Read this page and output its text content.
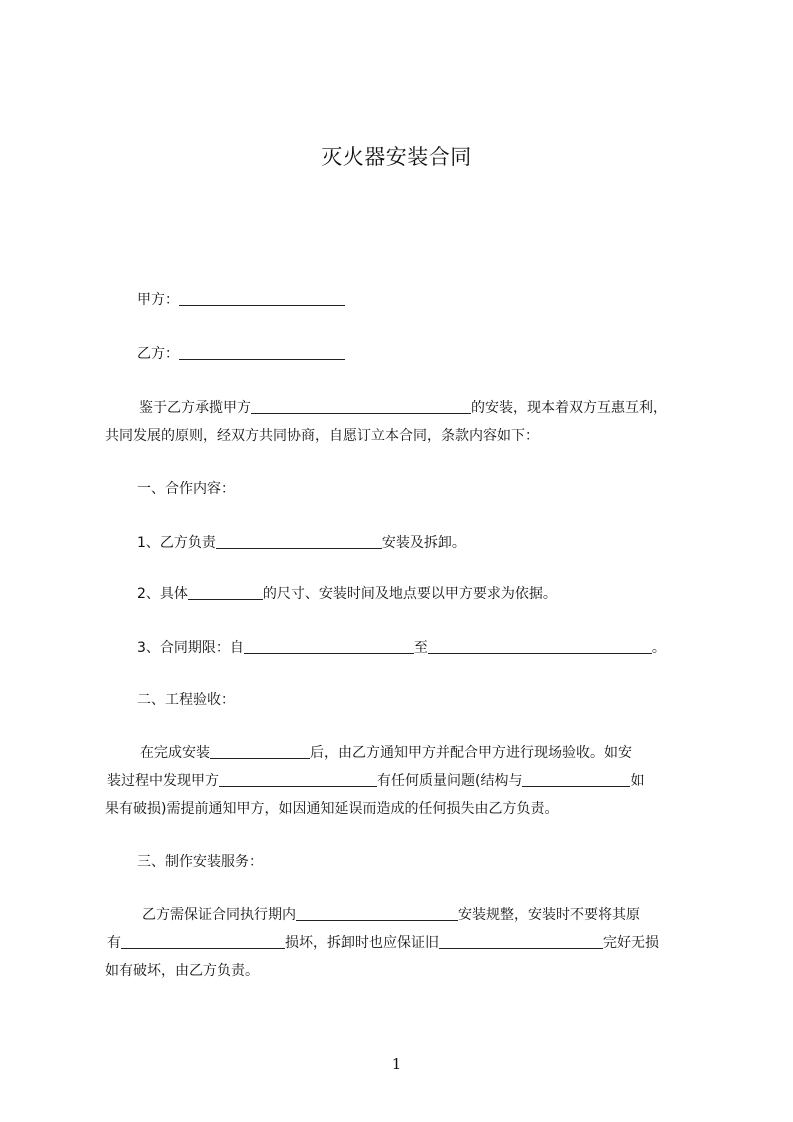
灭火器安装合同
甲方：
乙方：
鉴于乙方承揽甲方	的安装，现本着双方互惠互利，
共同发展的原则，经双方共同协商，自愿订立本合同，条款内容如下：
一、合作内容：
1、乙方负责	安装及拆卸。
2、具体	的尺寸、安装时间及地点要以甲方要求为依据。
3、合同期限：自	至	。
二、工程验收：
在完成安装	后，由乙方通知甲方并配合甲方进行现场验收。如安
装过程中发现甲方	有任何质量问题(结构与	如
果有破损)需提前通知甲方，如因通知延误而造成的任何损失由乙方负责。
三、制作安装服务：
乙方需保证合同执行期内	安装规整，安装时不要将其原
有	损坏，拆卸时也应保证旧	完好无损
如有破坏，由乙方负责。
1
